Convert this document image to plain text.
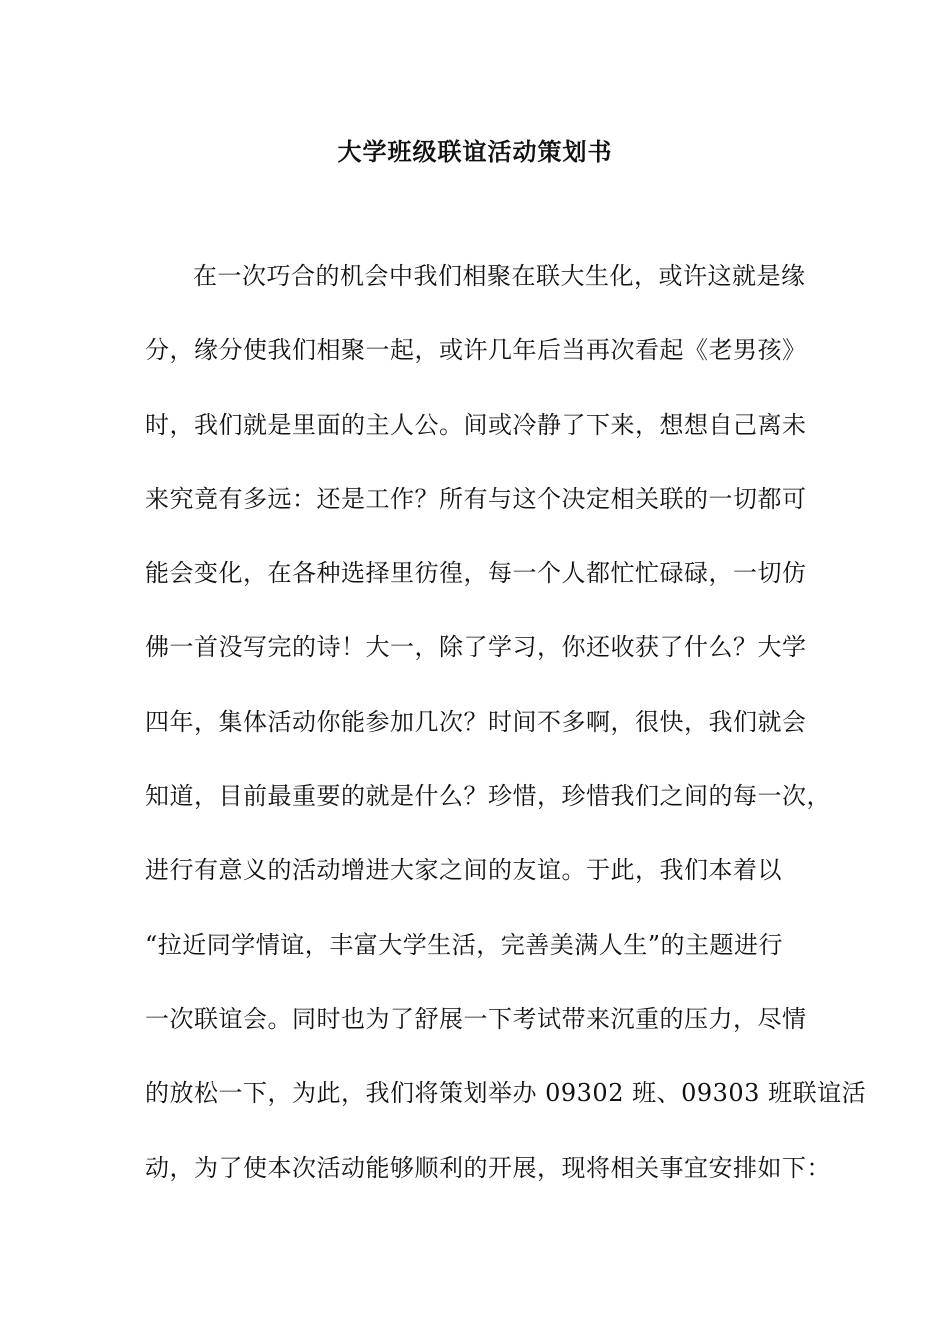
大学班级联谊活动策划书
在一次巧合的机会中我们相聚在联大生化，或许这就是缘
分，缘分使我们相聚一起，或许几年后当再次看起《老男孩》
时，我们就是里面的主人公。间或冷静了下来，想想自己离未
来究竟有多远：还是工作？所有与这个决定相关联的一切都可
能会变化，在各种选择里彷徨，每一个人都忙忙碌碌，一切仿
佛一首没写完的诗！大一，除了学习，你还收获了什么？大学
四年，集体活动你能参加几次？时间不多啊，很快，我们就会
知道，目前最重要的就是什么？珍惜，珍惜我们之间的每一次，
进行有意义的活动增进大家之间的友谊。于此，我们本着以
“拉近同学情谊，丰富大学生活，完善美满人生”的主题进行
一次联谊会。同时也为了舒展一下考试带来沉重的压力，尽情
的放松一下，为此，我们将策划举办 09302 班、09303 班联谊活
动，为了使本次活动能够顺利的开展，现将相关事宜安排如下：
